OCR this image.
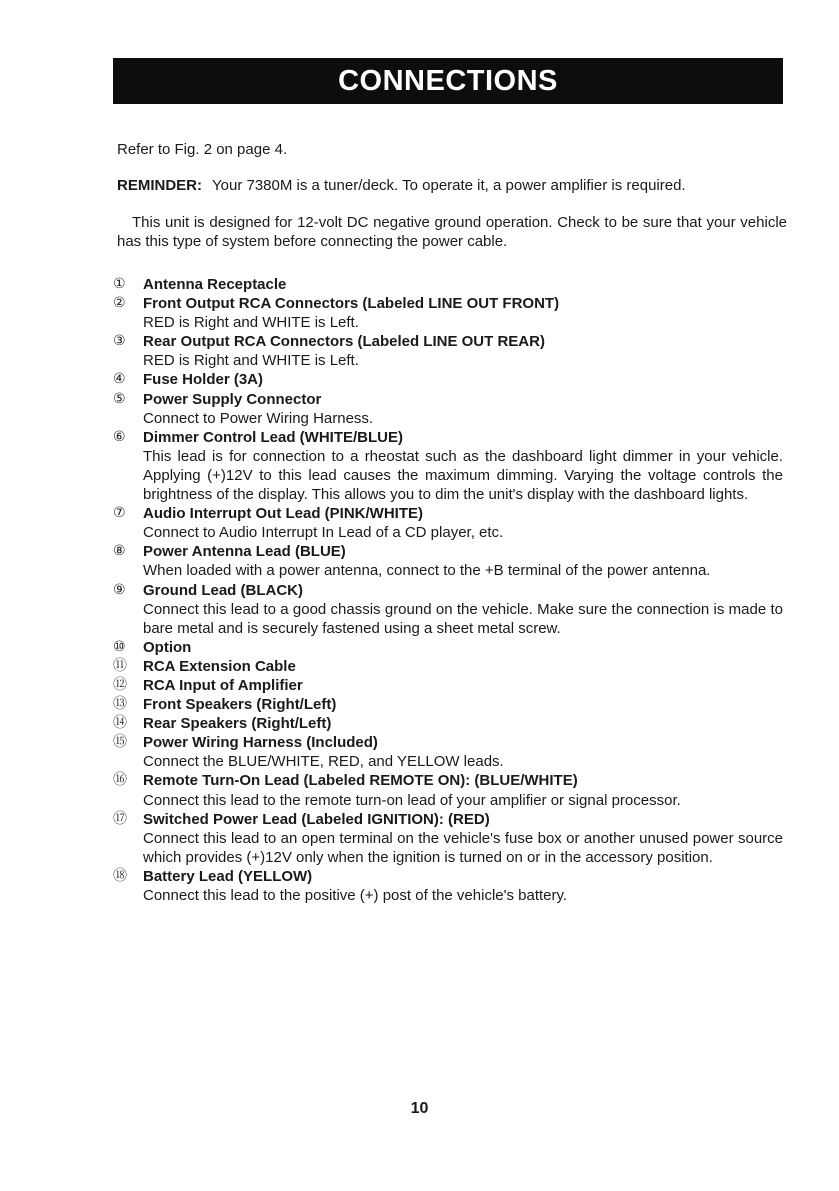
CONNECTIONS

Refer to Fig. 2 on page 4.

REMINDER: Your 7380M is a tuner/deck. To operate it, a power amplifier is required.

This unit is designed for 12-volt DC negative ground operation. Check to be sure that your vehicle has this type of system before connecting the power cable.

①	Antenna Receptacle
②	Front Output RCA Connectors (Labeled LINE OUT FRONT)
RED is Right and WHITE is Left.
③	Rear Output RCA Connectors (Labeled LINE OUT REAR)
RED is Right and WHITE is Left.
④	Fuse Holder (3A)
⑤	Power Supply Connector
Connect to Power Wiring Harness.
⑥	Dimmer Control Lead (WHITE/BLUE)
This lead is for connection to a rheostat such as the dashboard light dimmer in your vehicle. Applying (+)12V to this lead causes the maximum dimming. Varying the voltage controls the brightness of the display. This allows you to dim the unit's display with the dashboard lights.
⑦	Audio Interrupt Out Lead (PINK/WHITE)
Connect to Audio Interrupt In Lead of a CD player, etc.
⑧	Power Antenna Lead (BLUE)
When loaded with a power antenna, connect to the +B terminal of the power antenna.
⑨	Ground Lead (BLACK)
Connect this lead to a good chassis ground on the vehicle. Make sure the connection is made to bare metal and is securely fastened using a sheet metal screw.
⑩	Option
⑪	RCA Extension Cable
⑫	RCA Input of Amplifier
⑬	Front Speakers (Right/Left)
⑭	Rear Speakers (Right/Left)
⑮	Power Wiring Harness (Included)
Connect the BLUE/WHITE, RED, and YELLOW leads.
⑯	Remote Turn-On Lead (Labeled REMOTE ON): (BLUE/WHITE)
Connect this lead to the remote turn-on lead of your amplifier or signal processor.
⑰	Switched Power Lead (Labeled IGNITION): (RED)
Connect this lead to an open terminal on the vehicle's fuse box or another unused power source which provides (+)12V only when the ignition is turned on or in the accessory position.
⑱	Battery Lead (YELLOW)
Connect this lead to the positive (+) post of the vehicle's battery.
10
